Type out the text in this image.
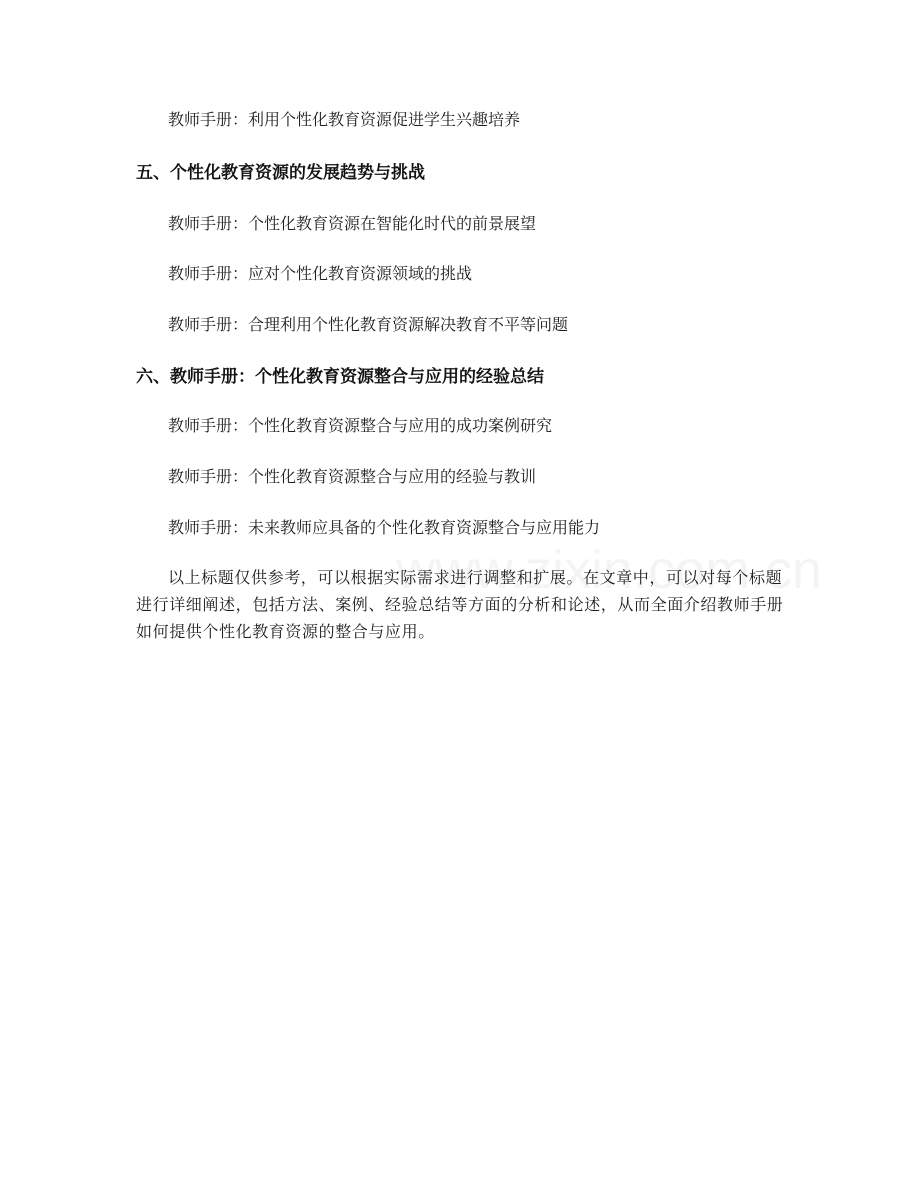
教师手册：利用个性化教育资源促进学生兴趣培养
五、个性化教育资源的发展趋势与挑战
教师手册：个性化教育资源在智能化时代的前景展望
教师手册：应对个性化教育资源领域的挑战
教师手册：合理利用个性化教育资源解决教育不平等问题
六、教师手册：个性化教育资源整合与应用的经验总结
教师手册：个性化教育资源整合与应用的成功案例研究
教师手册：个性化教育资源整合与应用的经验与教训
教师手册：未来教师应具备的个性化教育资源整合与应用能力

以上标题仅供参考，可以根据实际需求进行调整和扩展。在文章中，可以对每个标题进行详细阐述，包括方法、案例、经验总结等方面的分析和论述，从而全面介绍教师手册如何提供个性化教育资源的整合与应用。
